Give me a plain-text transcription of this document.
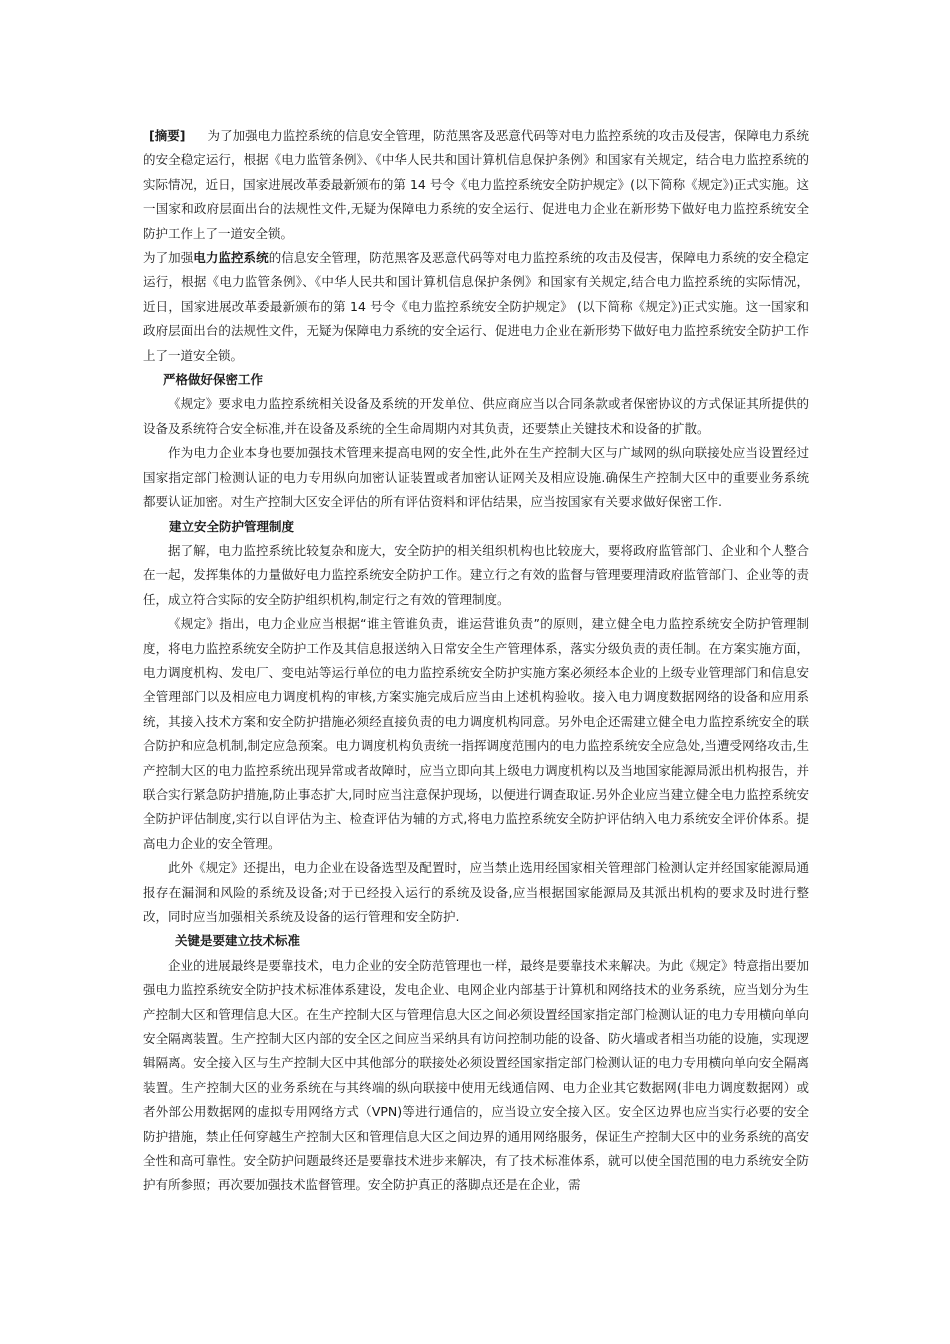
[摘要] 为了加强电力监控系统的信息安全管理，防范黑客及恶意代码等对电力监控系统的攻击及侵害，保障电力系统的安全稳定运行，根据《电力监管条例》、《中华人民共和国计算机信息保护条例》和国家有关规定，结合电力监控系统的实际情况，近日，国家进展改革委最新颁布的第 14 号令《电力监控系统安全防护规定》(以下简称《规定》)正式实施。这一国家和政府层面出台的法规性文件,无疑为保障电力系统的安全运行、促进电力企业在新形势下做好电力监控系统安全防护工作上了一道安全锁。

为了加强电力监控系统的信息安全管理，防范黑客及恶意代码等对电力监控系统的攻击及侵害，保障电力系统的安全稳定运行，根据《电力监管条例》、《中华人民共和国计算机信息保护条例》和国家有关规定,结合电力监控系统的实际情况，近日，国家进展改革委最新颁布的第 14 号令《电力监控系统安全防护规定》 (以下简称《规定》)正式实施。这一国家和政府层面出台的法规性文件，无疑为保障电力系统的安全运行、促进电力企业在新形势下做好电力监控系统安全防护工作上了一道安全锁。

严格做好保密工作

《规定》要求电力监控系统相关设备及系统的开发单位、供应商应当以合同条款或者保密协议的方式保证其所提供的设备及系统符合安全标准,并在设备及系统的全生命周期内对其负责，还要禁止关键技术和设备的扩散。

作为电力企业本身也要加强技术管理来提高电网的安全性,此外在生产控制大区与广域网的纵向联接处应当设置经过国家指定部门检测认证的电力专用纵向加密认证装置或者加密认证网关及相应设施.确保生产控制大区中的重要业务系统都要认证加密。对生产控制大区安全评估的所有评估资料和评估结果，应当按国家有关要求做好保密工作.

建立安全防护管理制度

据了解，电力监控系统比较复杂和庞大，安全防护的相关组织机构也比较庞大，要将政府监管部门、企业和个人整合在一起，发挥集体的力量做好电力监控系统安全防护工作。建立行之有效的监督与管理要理清政府监管部门、企业等的责任，成立符合实际的安全防护组织机构,制定行之有效的管理制度。

《规定》指出，电力企业应当根据“谁主管谁负责，谁运营谁负责”的原则，建立健全电力监控系统安全防护管理制度，将电力监控系统安全防护工作及其信息报送纳入日常安全生产管理体系，落实分级负责的责任制。在方案实施方面，电力调度机构、发电厂、变电站等运行单位的电力监控系统安全防护实施方案必须经本企业的上级专业管理部门和信息安全管理部门以及相应电力调度机构的审核,方案实施完成后应当由上述机构验收。接入电力调度数据网络的设备和应用系统，其接入技术方案和安全防护措施必须经直接负责的电力调度机构同意。另外电企还需建立健全电力监控系统安全的联合防护和应急机制,制定应急预案。电力调度机构负责统一指挥调度范围内的电力监控系统安全应急处,当遭受网络攻击,生产控制大区的电力监控系统出现异常或者故障时，应当立即向其上级电力调度机构以及当地国家能源局派出机构报告，并联合实行紧急防护措施,防止事态扩大,同时应当注意保护现场，以便进行调查取证.另外企业应当建立健全电力监控系统安全防护评估制度,实行以自评估为主、检查评估为辅的方式,将电力监控系统安全防护评估纳入电力系统安全评价体系。提高电力企业的安全管理。

此外《规定》还提出，电力企业在设备选型及配置时，应当禁止选用经国家相关管理部门检测认定并经国家能源局通报存在漏洞和风险的系统及设备;对于已经投入运行的系统及设备,应当根据国家能源局及其派出机构的要求及时进行整改，同时应当加强相关系统及设备的运行管理和安全防护.

关键是要建立技术标准

企业的进展最终是要靠技术，电力企业的安全防范管理也一样，最终是要靠技术来解决。为此《规定》特意指出要加强电力监控系统安全防护技术标准体系建设，发电企业、电网企业内部基于计算机和网络技术的业务系统，应当划分为生产控制大区和管理信息大区。在生产控制大区与管理信息大区之间必须设置经国家指定部门检测认证的电力专用横向单向安全隔离装置。生产控制大区内部的安全区之间应当采纳具有访问控制功能的设备、防火墙或者相当功能的设施，实现逻辑隔离。安全接入区与生产控制大区中其他部分的联接处必须设置经国家指定部门检测认证的电力专用横向单向安全隔离装置。生产控制大区的业务系统在与其终端的纵向联接中使用无线通信网、电力企业其它数据网(非电力调度数据网）或者外部公用数据网的虚拟专用网络方式（VPN)等进行通信的，应当设立安全接入区。安全区边界也应当实行必要的安全防护措施，禁止任何穿越生产控制大区和管理信息大区之间边界的通用网络服务，保证生产控制大区中的业务系统的高安全性和高可靠性。安全防护问题最终还是要靠技术进步来解决，有了技术标准体系，就可以使全国范围的电力系统安全防护有所参照；再次要加强技术监督管理。安全防护真正的落脚点还是在企业，需
